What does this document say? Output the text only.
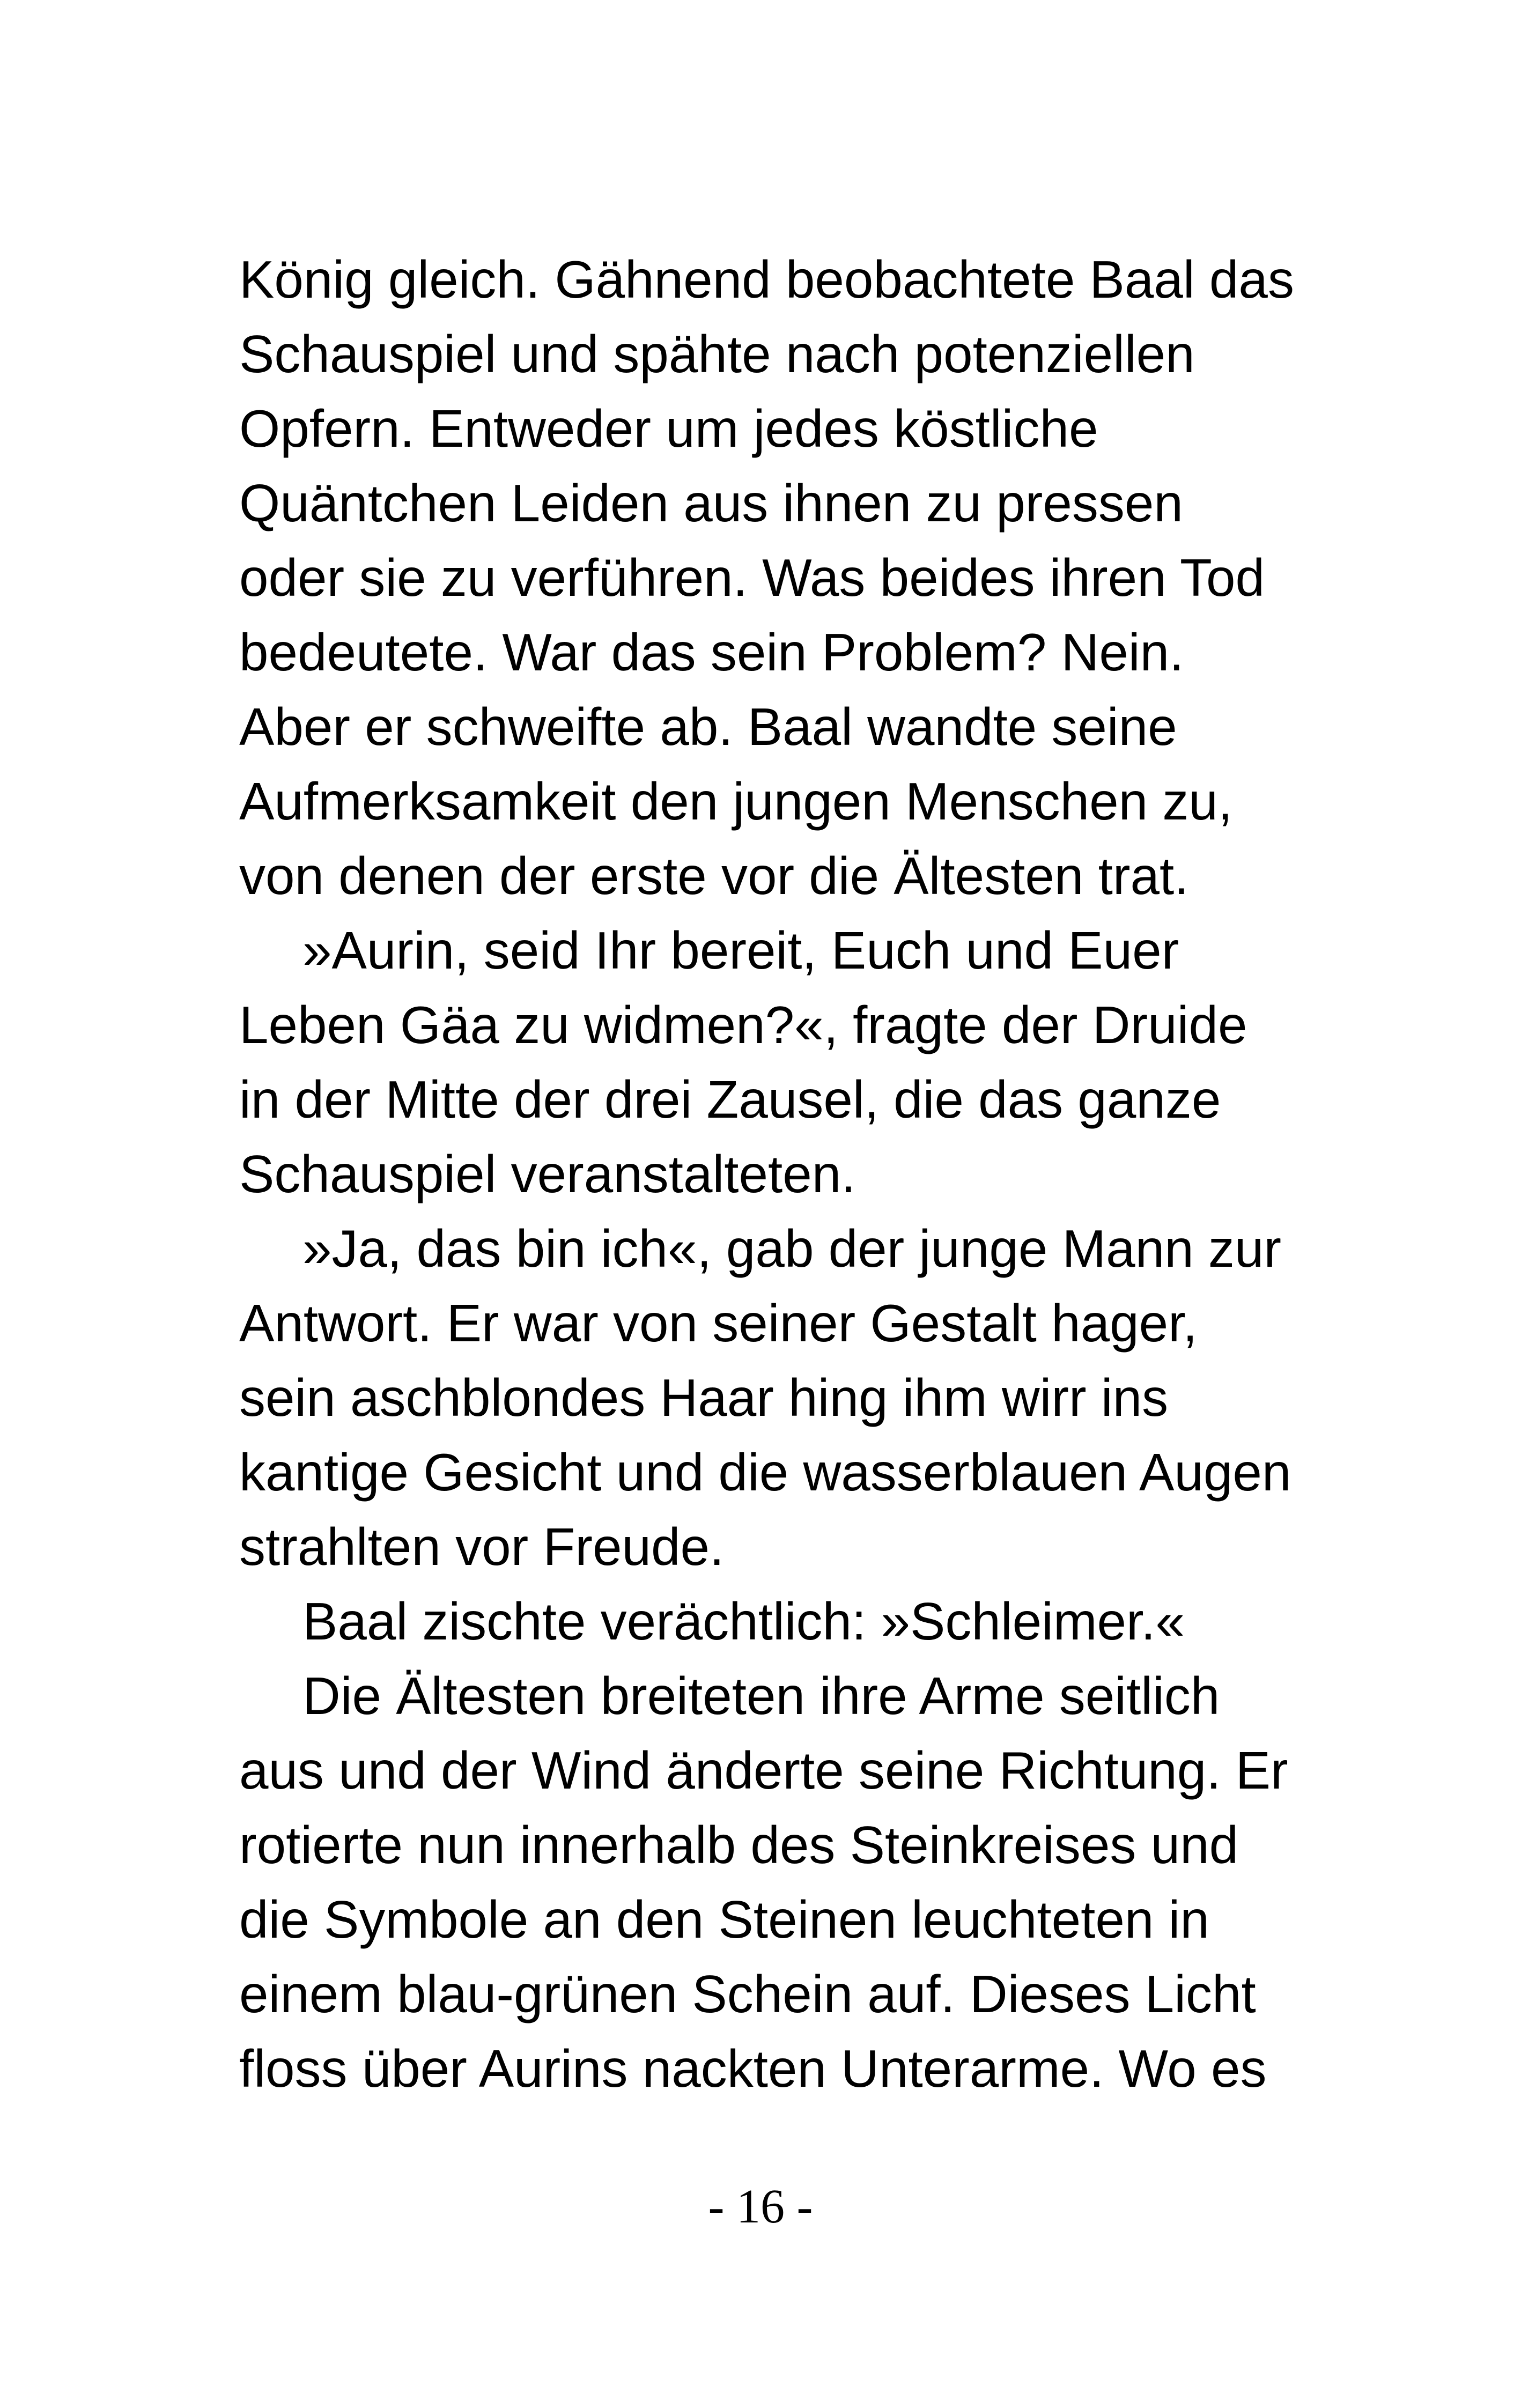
König gleich. Gähnend beobachtete Baal das
Schauspiel und spähte nach potenziellen
Opfern. Entweder um jedes köstliche
Quäntchen Leiden aus ihnen zu pressen
oder sie zu verführen. Was beides ihren Tod
bedeutete. War das sein Problem? Nein.
Aber er schweifte ab. Baal wandte seine
Aufmerksamkeit den jungen Menschen zu,
von denen der erste vor die Ältesten trat.
»Aurin, seid Ihr bereit, Euch und Euer
Leben Gäa zu widmen?«, fragte der Druide
in der Mitte der drei Zausel, die das ganze
Schauspiel veranstalteten.
»Ja, das bin ich«, gab der junge Mann zur
Antwort. Er war von seiner Gestalt hager,
sein aschblondes Haar hing ihm wirr ins
kantige Gesicht und die wasserblauen Augen
strahlten vor Freude.
Baal zischte verächtlich: »Schleimer.«
Die Ältesten breiteten ihre Arme seitlich
aus und der Wind änderte seine Richtung. Er
rotierte nun innerhalb des Steinkreises und
die Symbole an den Steinen leuchteten in
einem blau-grünen Schein auf. Dieses Licht
floss über Aurins nackten Unterarme. Wo es
- 16 -
